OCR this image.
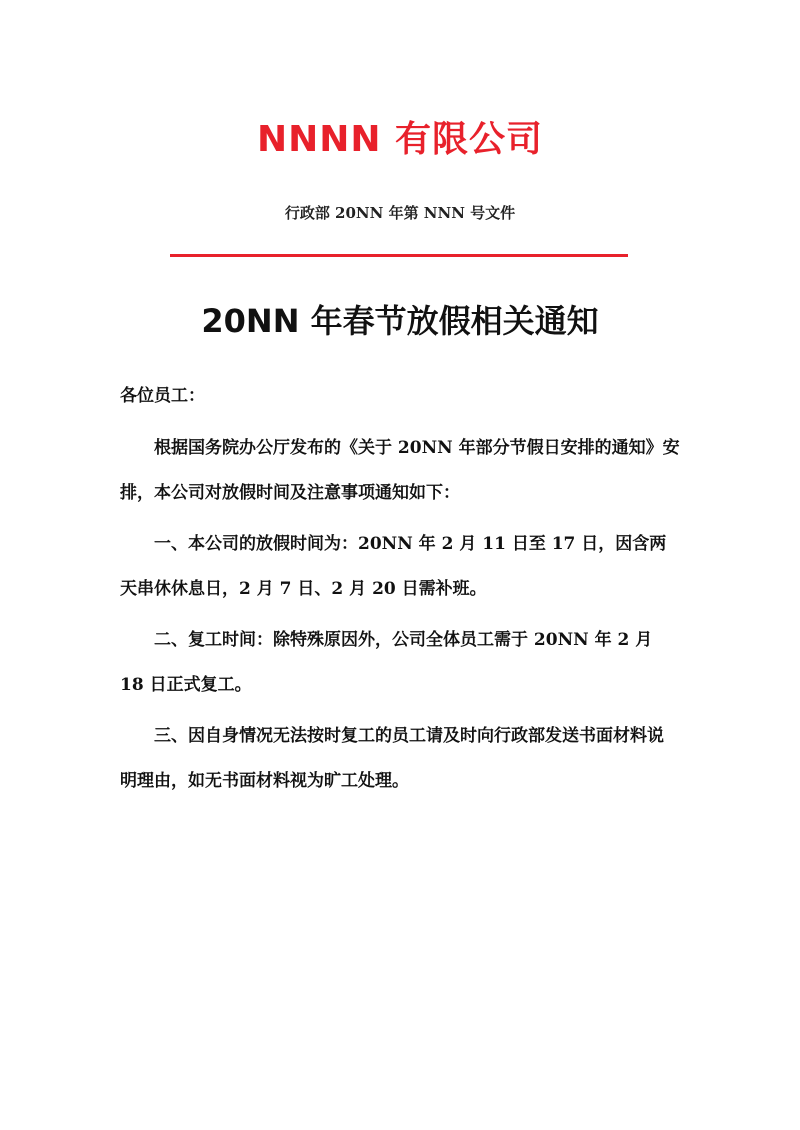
NNNN 有限公司
行政部 20NN 年第 NNN 号文件
20NN 年春节放假相关通知
各位员工：
根据国务院办公厅发布的《关于 20NN 年部分节假日安排的通知》安排，本公司对放假时间及注意事项通知如下：
一、本公司的放假时间为：20NN 年 2 月 11 日至 17 日，因含两天串休休息日，2 月 7 日、2 月 20 日需补班。
二、复工时间：除特殊原因外，公司全体员工需于 20NN 年 2 月 18 日正式复工。
三、因自身情况无法按时复工的员工请及时向行政部发送书面材料说明理由，如无书面材料视为旷工处理。
